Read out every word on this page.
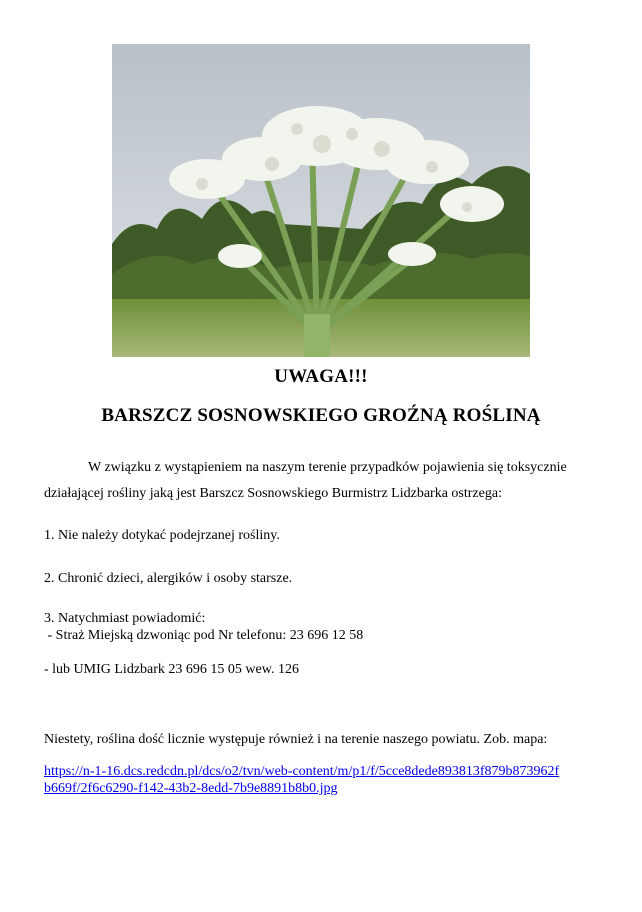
UWAGA!!!
BARSZCZ SOSNOWSKIEGO GROŹNĄ ROŚLINĄ
W związku z wystąpieniem na naszym terenie przypadków pojawienia się toksycznie
działającej rośliny jaką jest Barszcz Sosnowskiego Burmistrz Lidzbarka ostrzega:
1. Nie należy dotykać podejrzanej rośliny.
2. Chronić dzieci, alergików i osoby starsze.
3. Natychmiast powiadomić:
- Straż Miejską dzwoniąc pod Nr telefonu: 23 696 12 58
- lub UMIG Lidzbark 23 696 15 05 wew. 126
Niestety, roślina dość licznie występuje również i na terenie naszego powiatu. Zob. mapa:
https://n-1-16.dcs.redcdn.pl/dcs/o2/tvn/web-content/m/p1/f/5cce8dede893813f879b873962fb669f/2f6c6290-f142-43b2-8edd-7b9e8891b8b0.jpg
